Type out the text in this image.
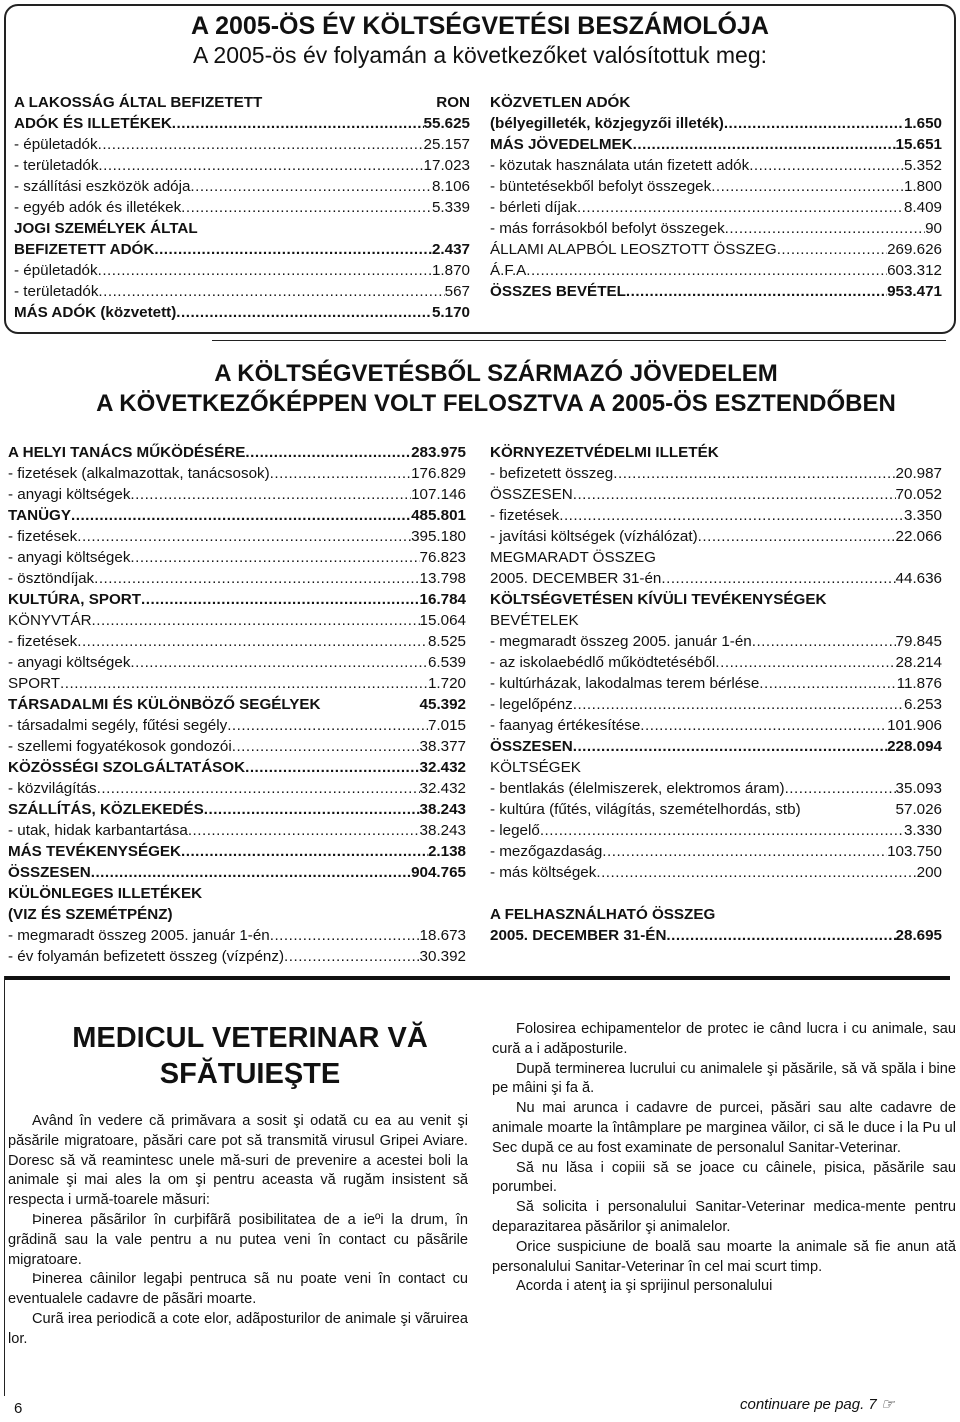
A 2005-ÖS ÉV KÖLTSÉGVETÉSI BESZÁMOLÓJA
A 2005-ös év folyamán a következőket valósítottuk meg:
A LAKOSSÁG ÁLTAL BEFIZETETT	RON
ADÓK ÉS ILLETÉKEK .....	55.625
- épületadók .....	25.157
- területadók .....	17.023
- szállítási eszközök adója .....	8.106
- egyéb adók és illetékek .....	5.339
JOGI SZEMÉLYEK ÁLTAL
BEFIZETETT ADÓK .....	2.437
- épületadók .....	1.870
- területadók .....	567
MÁS ADÓK (közvetett) .....	5.170
KÖZVETLEN ADÓK
(bélyegilleték, közjegyzői illeték) .....	1.650
MÁS JÖVEDELMEK .....	15.651
- közutak használata után fizetett adók .....	5.352
- büntetésekből befolyt összegek .....	1.800
- bérleti díjak .....	8.409
- más forrásokból befolyt összegek .....	90
ÁLLAMI ALAPBÓL LEOSZTOTT ÖSSZEG .....	269.626
Á.F.A .....	603.312
ÖSSZES BEVÉTEL .....	953.471
A KÖLTSÉGVETÉSBŐL SZÁRMAZÓ JÖVEDELEM
A KÖVETKEZŐKÉPPEN VOLT FELOSZTVA A 2005-ÖS ESZTENDŐBEN
A HELYI TANÁCS MŰKÖDÉSÉRE .....	283.975
- fizetések (alkalmazottak, tanácsosok) .....	176.829
- anyagi költségek .....	107.146
TANÜGY .....	485.801
- fizetések .....	395.180
- anyagi költségek .....	76.823
- ösztöndíjak .....	13.798
KULTÚRA, SPORT .....	16.784
KÖNYVTÁR .....	15.064
- fizetések .....	8.525
- anyagi költségek .....	6.539
SPORT .....	1.720
TÁRSADALMI ÉS KÜLÖNBÖZŐ SEGÉLYEK	45.392
- társadalmi segély, fűtési segély .....	7.015
- szellemi fogyatékosok gondozói .....	38.377
KÖZÖSSÉGI SZOLGÁLTATÁSOK .....	32.432
- közvilágítás .....	32.432
SZÁLLÍTÁS, KÖZLEKEDÉS .....	38.243
- utak, hidak karbantartása .....	38.243
MÁS TEVÉKENYSÉGEK .....	2.138
ÖSSZESEN .....	904.765
KÜLÖNLEGES ILLETÉKEK
(VIZ ÉS SZEMÉTPÉNZ)
- megmaradt összeg 2005. január 1-én .....	18.673
- év folyamán befizetett összeg (vízpénz) .....	30.392
KÖRNYEZETVÉDELMI ILLETÉK
- befizetett összeg .....	20.987
ÖSSZESEN .....	70.052
- fizetések .....	3.350
- javítási költségek (vízhálózat) .....	22.066
MEGMARADT ÖSSZEG
2005. DECEMBER 31-én .....	44.636
KÖLTSÉGVETÉSEN KÍVÜLI TEVÉKENYSÉGEK
BEVÉTELEK
- megmaradt összeg 2005. január 1-én .....	79.845
- az iskolaebédlő működtetéséből .....	28.214
- kultúrházak, lakodalmas terem bérlése .....	11.876
- legelőpénz .....	6.253
- faanyag értékesítése .....	101.906
ÖSSZESEN .....	228.094
KÖLTSÉGEK
- bentlakás (élelmiszerek, elektromos áram) .....	35.093
- kultúra (fűtés, világítás, szemételhordás, stb)	57.026
- legelő .....	3.330
- mezőgazdaság .....	103.750
- más költségek .....	200
A FELHASZNÁLHATÓ ÖSSZEG
2005. DECEMBER 31-ÉN .....	28.695
MEDICUL VETERINAR VĂ
SFĂTUIEŞTE

Având în vedere că primăvara a sosit şi odată cu ea au venit şi păsările migratoare, păsări care pot să transmită virusul Gripei Aviare. Doresc să vă reamintesc unele mă-suri de prevenire a acestei boli la animale şi mai ales la om şi pentru aceasta vă rugăm insistent să respecta i urmă-toarele măsuri:

Þinerea pãsãrilor în curþifãrã posibilitatea de a ieºi la drum, în grãdinã sau la vale pentru a nu putea veni în contact cu pãsãrile migratoare.

Þinerea câinilor legaþi pentruca sã nu poate veni în contact cu eventualele cadavre de pãsãri moarte.

Curã irea periodicã a cote elor, adãposturilor de animale şi vãruirea lor.

Folosirea echipamentelor de protec ie când lucra i cu animale, sau cură a i adăposturile.

După terminerea lucrului cu animalele şi păsările, să vă spăla i bine pe mâini şi fa ă.

Nu mai arunca i cadavre de purcei, păsări sau alte cadavre de animale moarte la întâmplare pe marginea văilor, ci să le duce i la Pu ul Sec după ce au fost examinate de personalul Sanitar-Veterinar.

Să nu lăsa i copiii să se joace cu câinele, pisica, păsările sau porumbei.

Să solicita i personalului Sanitar-Veterinar medica-mente pentru deparazitarea păsărilor şi animalelor.

Orice suspiciune de boală sau moarte la animale să fie anun ată personalului Sanitar-Veterinar în cel mai scurt timp.

Acorda i atenţ ia şi sprijinul personalului

continuare pe pag. 7 ☞
6
